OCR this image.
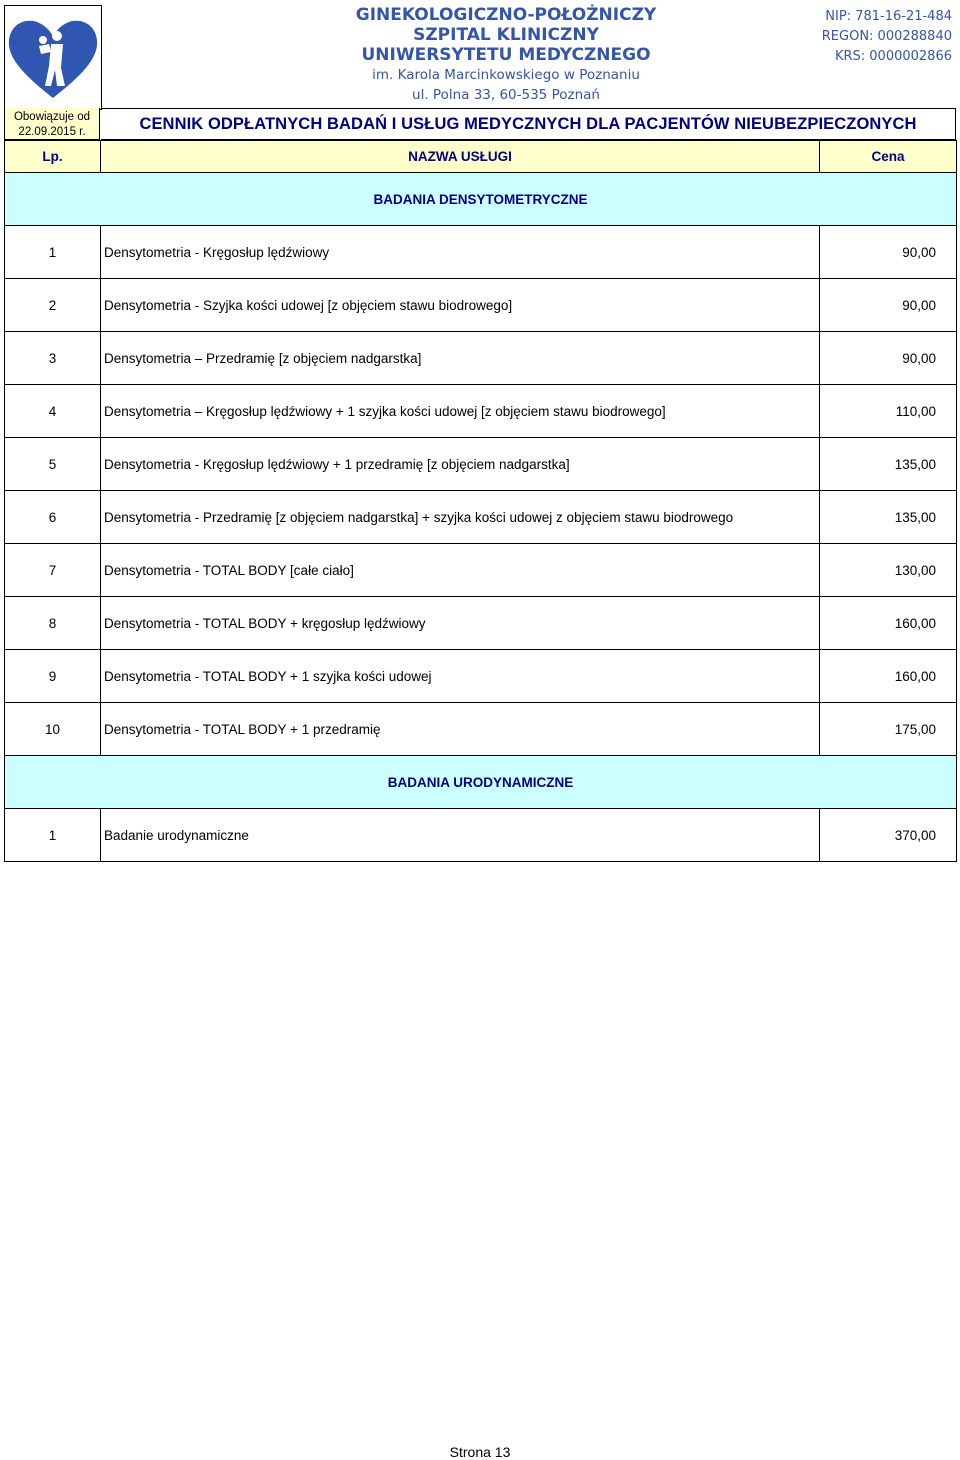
Obowiązuje od
22.09.2015 r.
GINEKOLOGICZNO-POŁOŻNICZY
SZPITAL KLINICZNY
UNIWERSYTETU MEDYCZNEGO
im. Karola Marcinkowskiego w Poznaniu
ul. Polna 33, 60-535 Poznań
NIP: 781-16-21-484
REGON: 000288840
KRS: 0000002866
CENNIK ODPŁATNYCH BADAŃ I USŁUG MEDYCZNYCH DLA PACJENTÓW NIEUBEZPIECZONYCH
Lp.	NAZWA USŁUGI	Cena
BADANIA DENSYTOMETRYCZNE		
1	Densytometria - Kręgosłup lędźwiowy	90,00
2	Densytometria - Szyjka kości udowej [z objęciem stawu biodrowego]	90,00
3	Densytometria – Przedramię [z objęciem nadgarstka]	90,00
4	Densytometria – Kręgosłup lędźwiowy + 1 szyjka kości udowej [z objęciem stawu biodrowego]	110,00
5	Densytometria - Kręgosłup lędźwiowy + 1 przedramię [z objęciem nadgarstka]	135,00
6	Densytometria - Przedramię [z objęciem nadgarstka] + szyjka kości udowej z objęciem stawu biodrowego	135,00
7	Densytometria - TOTAL BODY [całe ciało]	130,00
8	Densytometria - TOTAL BODY + kręgosłup lędźwiowy	160,00
9	Densytometria - TOTAL BODY + 1 szyjka kości udowej	160,00
10	Densytometria - TOTAL BODY + 1 przedramię	175,00
BADANIA URODYNAMICZNE		
1	Badanie urodynamiczne	370,00
Strona 13
